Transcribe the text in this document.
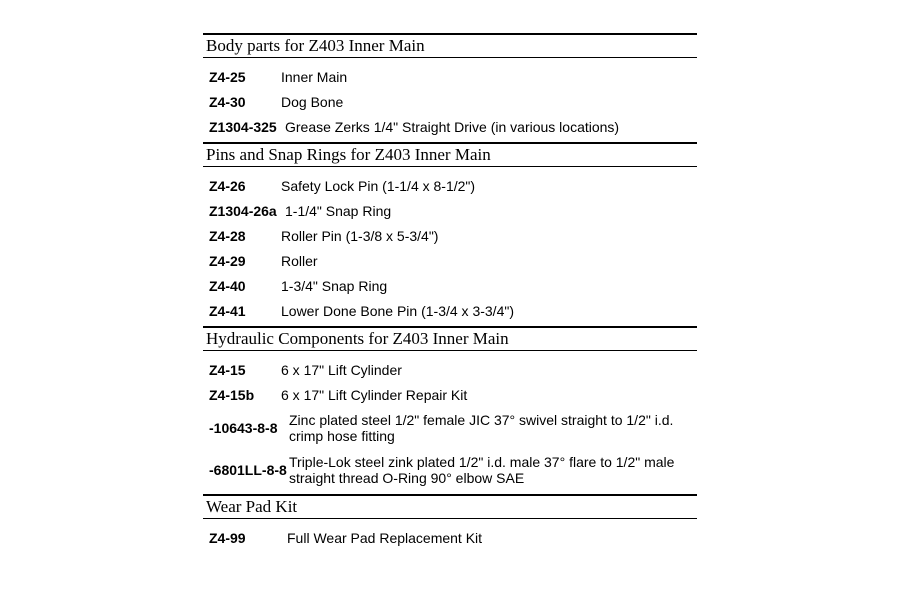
Body parts for Z403 Inner Main
Z4-25	Inner Main
Z4-30	Dog Bone
Z1304-325 Grease Zerks 1/4" Straight Drive (in various locations)
Pins and Snap Rings for Z403 Inner Main
Z4-26	Safety Lock Pin (1-1/4 x 8-1/2")
Z1304-26a 1-1/4" Snap Ring
Z4-28	Roller Pin (1-3/8 x 5-3/4")
Z4-29	Roller
Z4-40	1-3/4" Snap Ring
Z4-41	Lower Done Bone Pin (1-3/4 x 3-3/4")
Hydraulic Components for Z403 Inner Main
Z4-15	6 x 17" Lift Cylinder
Z4-15b	6 x 17" Lift Cylinder Repair Kit
-10643-8-8 Zinc plated steel 1/2" female JIC 37° swivel straight to 1/2" i.d. crimp hose fitting
-6801LL-8-8 Triple-Lok steel zink plated 1/2" i.d. male 37° flare to 1/2" male straight thread O-Ring 90° elbow SAE
Wear Pad Kit
Z4-99	Full Wear Pad Replacement Kit
